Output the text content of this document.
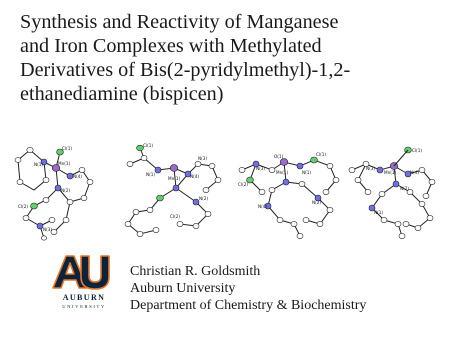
Synthesis and Reactivity of Manganese
and Iron Complexes with Methylated
Derivatives of Bis(2-pyridylmethyl)-1,2-
ethanediamine (bispicen)
Cl(1)
N(1)	Mn(1)
N(4)
N(2)
Cl(2)
N(3)
Cl(1)
N(3)
N(1)
Mn(1) N(4)
N(2)
Cl(2)
O(1)	Cl(1)
N(3)
Mn(1)	N(1)
Cl(2)
N(4)
N(2)
Cl(1)
Mn(1)	N(4)
N(3)
N(2)
N(1)
AUBURN
UNIVERSITY
Christian R. Goldsmith
Auburn University
Department of Chemistry & Biochemistry
